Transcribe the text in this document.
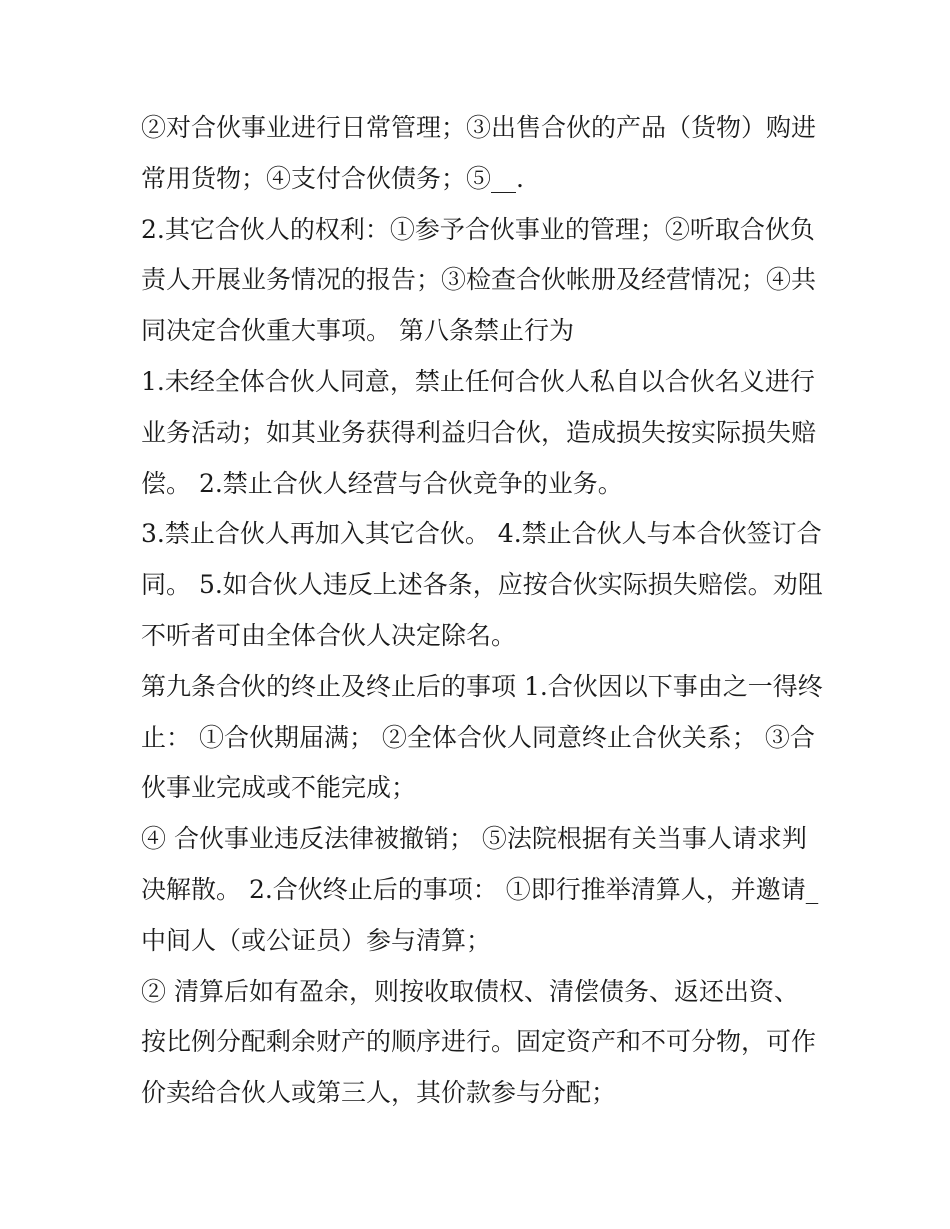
②对合伙事业进行日常管理；③出售合伙的产品（货物）购进
常用货物；④支付合伙债务；⑤__.
2.其它合伙人的权利：①参予合伙事业的管理；②听取合伙负
责人开展业务情况的报告；③检查合伙帐册及经营情况；④共
同决定合伙重大事项。 第八条禁止行为
1.未经全体合伙人同意，禁止任何合伙人私自以合伙名义进行
业务活动；如其业务获得利益归合伙，造成损失按实际损失赔
偿。 2.禁止合伙人经营与合伙竞争的业务。
3.禁止合伙人再加入其它合伙。 4.禁止合伙人与本合伙签订合
同。 5.如合伙人违反上述各条，应按合伙实际损失赔偿。劝阻
不听者可由全体合伙人决定除名。
第九条合伙的终止及终止后的事项 1.合伙因以下事由之一得终
止： ①合伙期届满； ②全体合伙人同意终止合伙关系； ③合
伙事业完成或不能完成；
④ 合伙事业违反法律被撤销； ⑤法院根据有关当事人请求判
决解散。 2.合伙终止后的事项： ①即行推举清算人，并邀请_
中间人（或公证员）参与清算；
② 清算后如有盈余，则按收取债权、清偿债务、返还出资、
按比例分配剩余财产的顺序进行。固定资产和不可分物，可作
价卖给合伙人或第三人，其价款参与分配；
